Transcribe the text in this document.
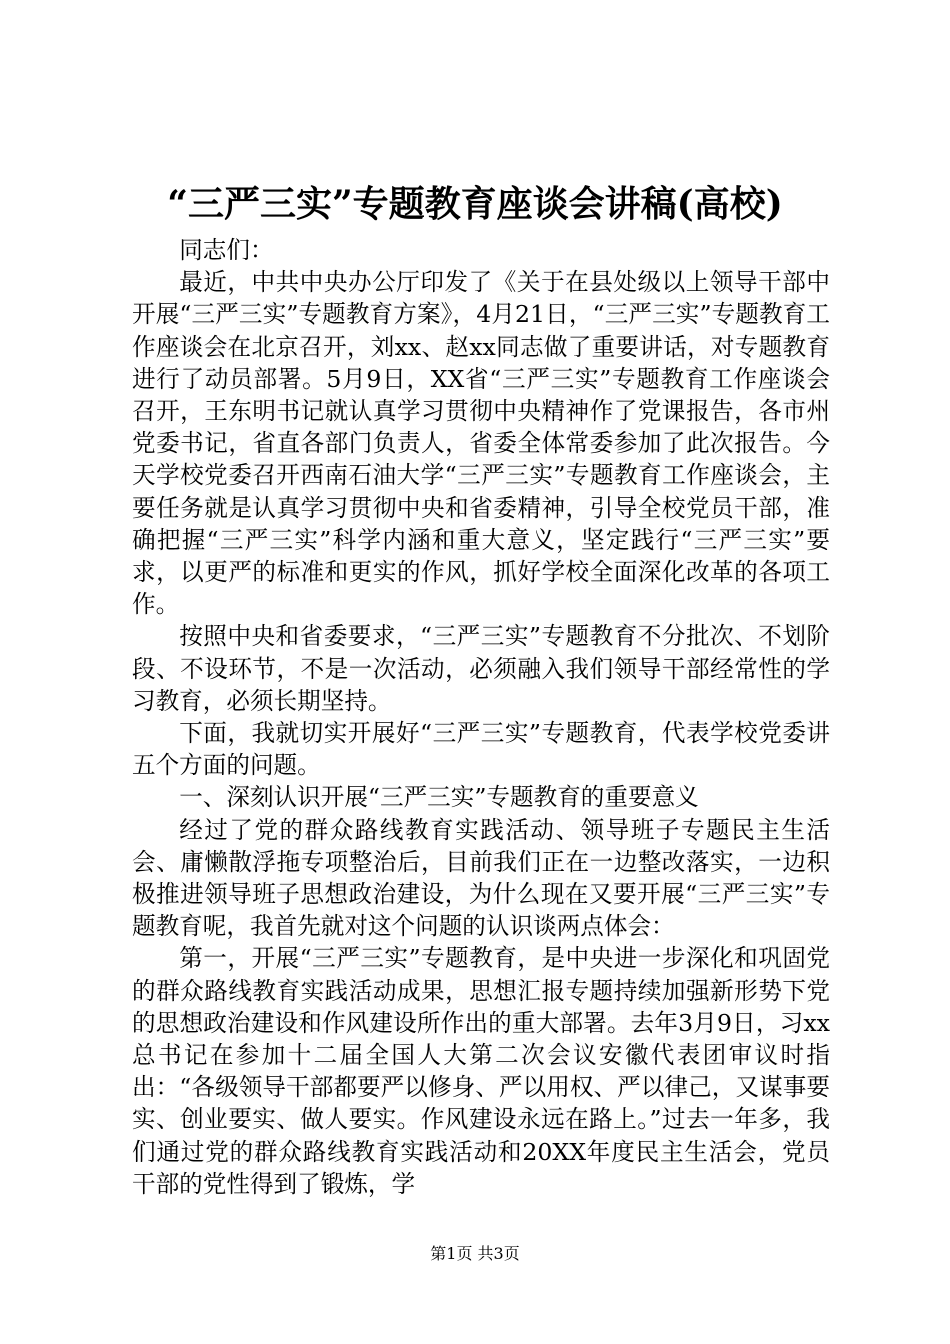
“三严三实”专题教育座谈会讲稿(高校)

同志们：

最近，中共中央办公厅印发了《关于在县处级以上领导干部中开展“三严三实”专题教育方案》，4月21日，“三严三实”专题教育工作座谈会在北京召开，刘xx、赵xx同志做了重要讲话，对专题教育进行了动员部署。5月9日，XX省“三严三实”专题教育工作座谈会召开，王东明书记就认真学习贯彻中央精神作了党课报告，各市州党委书记，省直各部门负责人，省委全体常委参加了此次报告。今天学校党委召开西南石油大学“三严三实”专题教育工作座谈会，主要任务就是认真学习贯彻中央和省委精神，引导全校党员干部，准确把握“三严三实”科学内涵和重大意义，坚定践行“三严三实”要求，以更严的标准和更实的作风，抓好学校全面深化改革的各项工作。

按照中央和省委要求，“三严三实”专题教育不分批次、不划阶段、不设环节，不是一次活动，必须融入我们领导干部经常性的学习教育，必须长期坚持。

下面，我就切实开展好“三严三实”专题教育，代表学校党委讲五个方面的问题。

一、深刻认识开展“三严三实”专题教育的重要意义

经过了党的群众路线教育实践活动、领导班子专题民主生活会、庸懒散浮拖专项整治后，目前我们正在一边整改落实，一边积极推进领导班子思想政治建设，为什么现在又要开展“三严三实”专题教育呢，我首先就对这个问题的认识谈两点体会：

第一，开展“三严三实”专题教育，是中央进一步深化和巩固党的群众路线教育实践活动成果，思想汇报专题持续加强新形势下党的思想政治建设和作风建设所作出的重大部署。去年3月9日，习xx总书记在参加十二届全国人大第二次会议安徽代表团审议时指出：“各级领导干部都要严以修身、严以用权、严以律己，又谋事要实、创业要实、做人要实。作风建设永远在路上。”过去一年多，我们通过党的群众路线教育实践活动和20XX年度民主生活会，党员干部的党性得到了锻炼，学

第1页 共3页
